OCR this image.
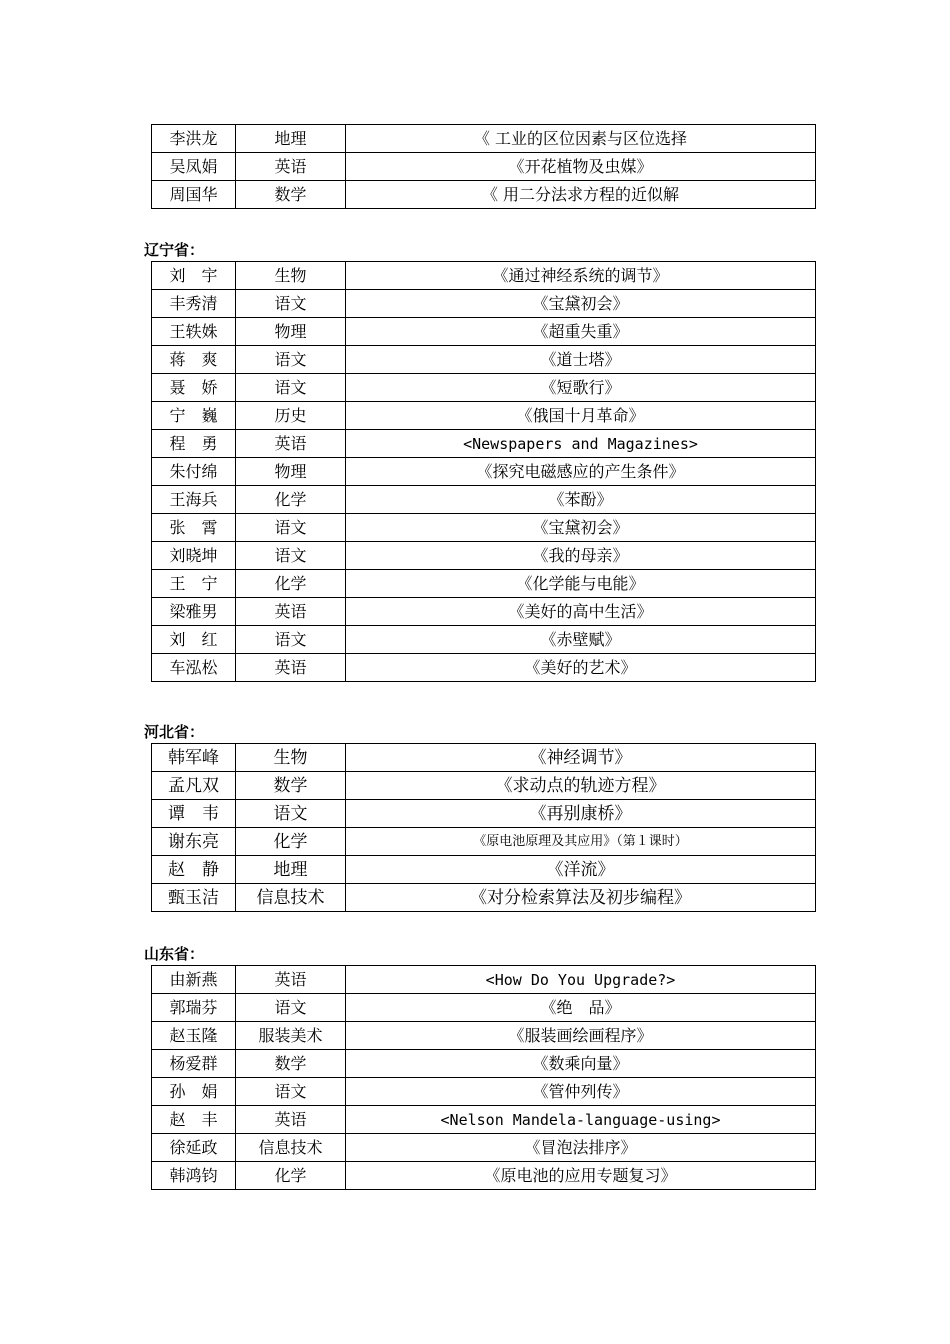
李洪龙	地理	《 工业的区位因素与区位选择
吴凤娟	英语	《开花植物及虫媒》
周国华	数学	《 用二分法求方程的近似解
辽宁省：
刘　宇	生物	《通过神经系统的调节》
丰秀清	语文	《宝黛初会》
王轶姝	物理	《超重失重》
蒋　爽	语文	《道士塔》
聂　娇	语文	《短歌行》
宁　巍	历史	《俄国十月革命》
程　勇	英语	<Newspapers and Magazines>
朱付绵	物理	《探究电磁感应的产生条件》
王海兵	化学	《苯酚》
张　霄	语文	《宝黛初会》
刘晓坤	语文	《我的母亲》
王　宁	化学	《化学能与电能》
梁雅男	英语	《美好的高中生活》
刘　红	语文	《赤壁赋》
车泓松	英语	《美好的艺术》
河北省：
韩军峰	生物	《神经调节》
孟凡双	数学	《求动点的轨迹方程》
谭　韦	语文	《再别康桥》
谢东亮	化学	《原电池原理及其应用》（第１课时）
赵　静	地理	《洋流》
甄玉洁	信息技术	《对分检索算法及初步编程》
山东省：
由新燕	英语	<How Do You Upgrade?>
郭瑞芬	语文	《绝　品》
赵玉隆	服装美术	《服装画绘画程序》
杨爱群	数学	《数乘向量》
孙　娟	语文	《管仲列传》
赵　丰	英语	<Nelson Mandela-language-using>
徐延政	信息技术	《冒泡法排序》
韩鸿钧	化学	《原电池的应用专题复习》
